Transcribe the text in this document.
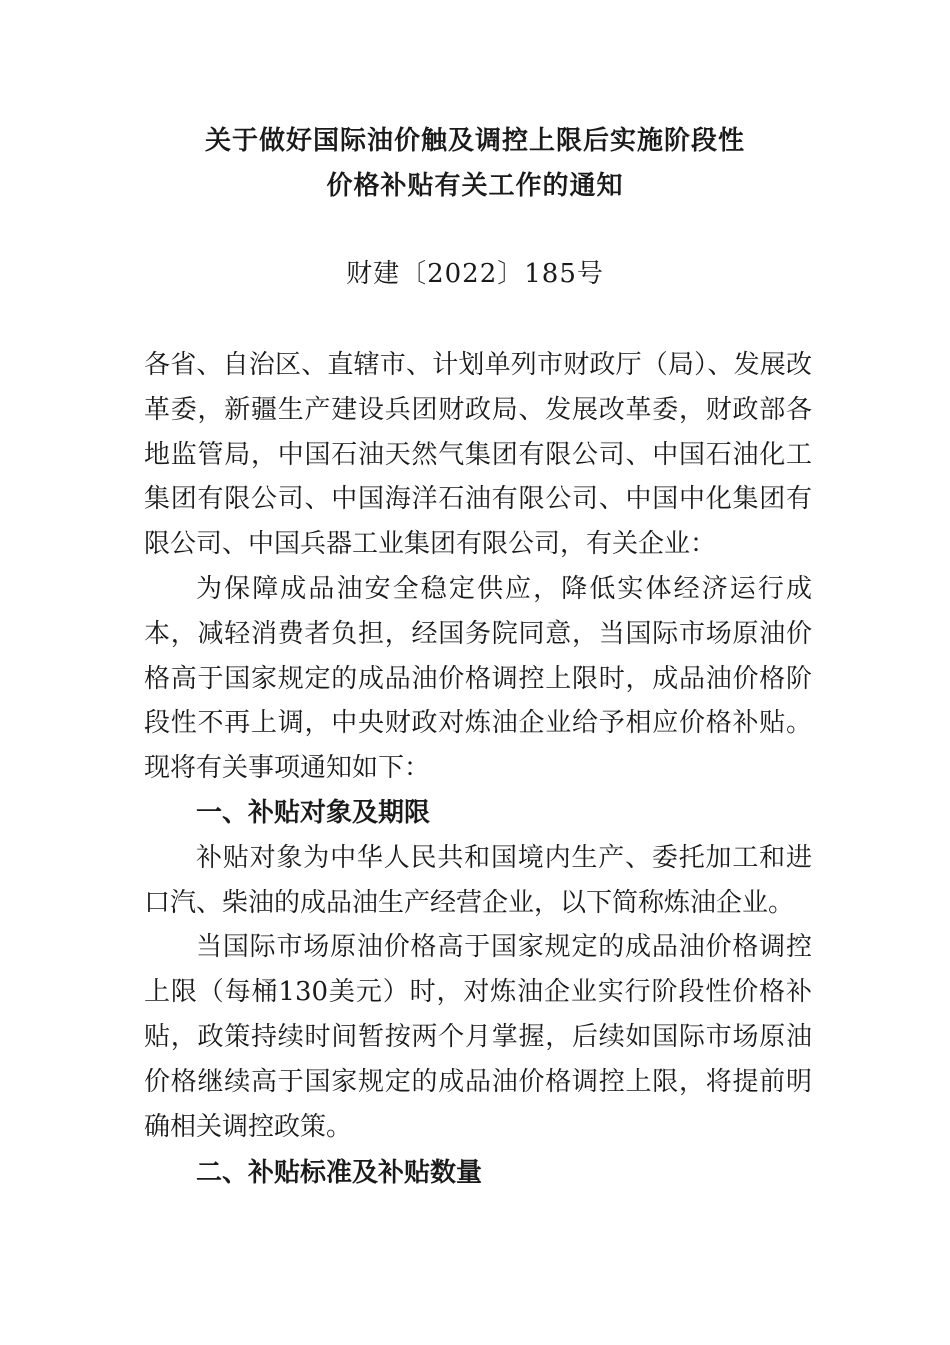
关于做好国际油价触及调控上限后实施阶段性
价格补贴有关工作的通知
财建〔2022〕185号

各省、自治区、直辖市、计划单列市财政厅（局）、发展改革委，新疆生产建设兵团财政局、发展改革委，财政部各地监管局，中国石油天然气集团有限公司、中国石油化工集团有限公司、中国海洋石油有限公司、中国中化集团有限公司、中国兵器工业集团有限公司，有关企业：

为保障成品油安全稳定供应，降低实体经济运行成本，减轻消费者负担，经国务院同意，当国际市场原油价格高于国家规定的成品油价格调控上限时，成品油价格阶段性不再上调，中央财政对炼油企业给予相应价格补贴。现将有关事项通知如下：

一、补贴对象及期限

补贴对象为中华人民共和国境内生产、委托加工和进口汽、柴油的成品油生产经营企业，以下简称炼油企业。

当国际市场原油价格高于国家规定的成品油价格调控上限（每桶130美元）时，对炼油企业实行阶段性价格补贴，政策持续时间暂按两个月掌握，后续如国际市场原油价格继续高于国家规定的成品油价格调控上限，将提前明确相关调控政策。

二、补贴标准及补贴数量
